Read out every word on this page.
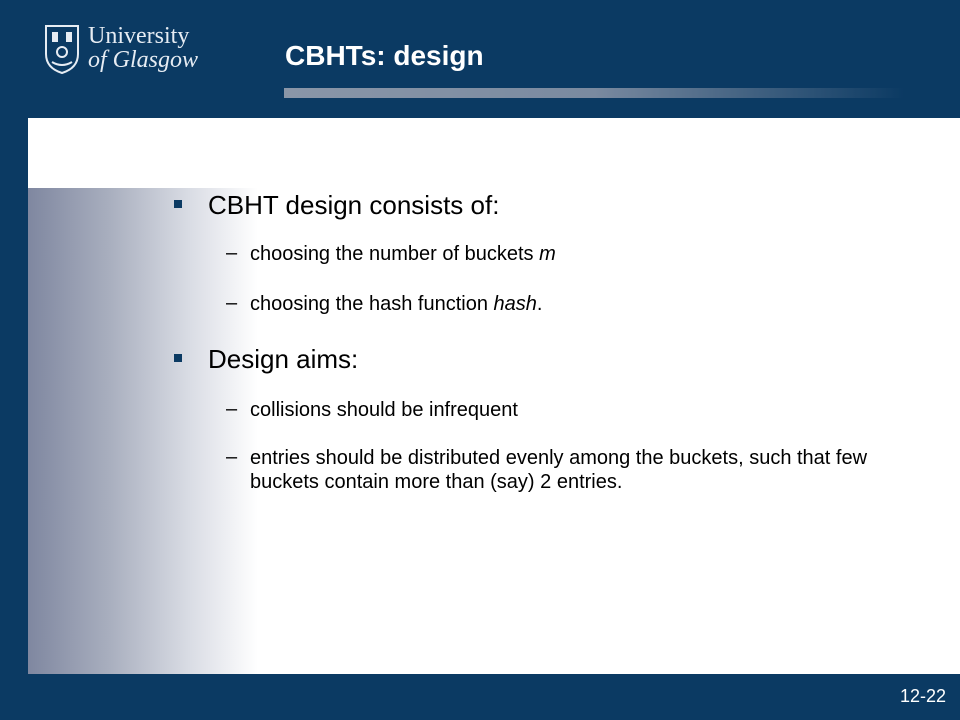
University
of Glasgow	CBHTs: design
CBHT design consists of:
– choosing the number of buckets m
– choosing the hash function hash.
Design aims:
– collisions should be infrequent
– entries should be distributed evenly among the buckets, such that few buckets contain more than (say) 2 entries.
12-22
